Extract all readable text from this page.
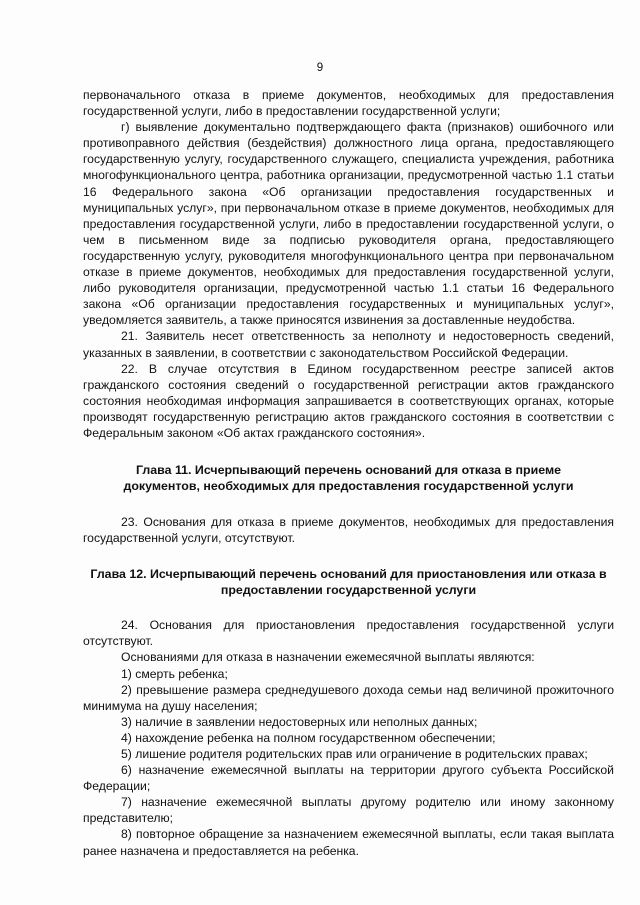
9

первоначального отказа в приеме документов, необходимых для предоставления государственной услуги, либо в предоставлении государственной услуги;

г) выявление документально подтверждающего факта (признаков) ошибочного или противоправного действия (бездействия) должностного лица органа, предоставляющего государственную услугу, государственного служащего, специалиста учреждения, работника многофункционального центра, работника организации, предусмотренной частью 1.1 статьи 16 Федерального закона «Об организации предоставления государственных и муниципальных услуг», при первоначальном отказе в приеме документов, необходимых для предоставления государственной услуги, либо в предоставлении государственной услуги, о чем в письменном виде за подписью руководителя органа, предоставляющего государственную услугу, руководителя многофункционального центра при первоначальном отказе в приеме документов, необходимых для предоставления государственной услуги, либо руководителя организации, предусмотренной частью 1.1 статьи 16 Федерального закона «Об организации предоставления государственных и муниципальных услуг», уведомляется заявитель, а также приносятся извинения за доставленные неудобства.

21. Заявитель несет ответственность за неполноту и недостоверность сведений, указанных в заявлении, в соответствии с законодательством Российской Федерации.

22. В случае отсутствия в Едином государственном реестре записей актов гражданского состояния сведений о государственной регистрации актов гражданского состояния необходимая информация запрашивается в соответствующих органах, которые производят государственную регистрацию актов гражданского состояния в соответствии с Федеральным законом «Об актах гражданского состояния».

Глава 11. Исчерпывающий перечень оснований для отказа в приеме документов, необходимых для предоставления государственной услуги

23. Основания для отказа в приеме документов, необходимых для предоставления государственной услуги, отсутствуют.

Глава 12. Исчерпывающий перечень оснований для приостановления или отказа в предоставлении государственной услуги

24. Основания для приостановления предоставления государственной услуги отсутствуют.

Основаниями для отказа в назначении ежемесячной выплаты являются:

1) смерть ребенка;

2) превышение размера среднедушевого дохода семьи над величиной прожиточного минимума на душу населения;

3) наличие в заявлении недостоверных или неполных данных;

4) нахождение ребенка на полном государственном обеспечении;

5) лишение родителя родительских прав или ограничение в родительских правах;

6) назначение ежемесячной выплаты на территории другого субъекта Российской Федерации;

7) назначение ежемесячной выплаты другому родителю или иному законному представителю;

8) повторное обращение за назначением ежемесячной выплаты, если такая выплата ранее назначена и предоставляется на ребенка.
